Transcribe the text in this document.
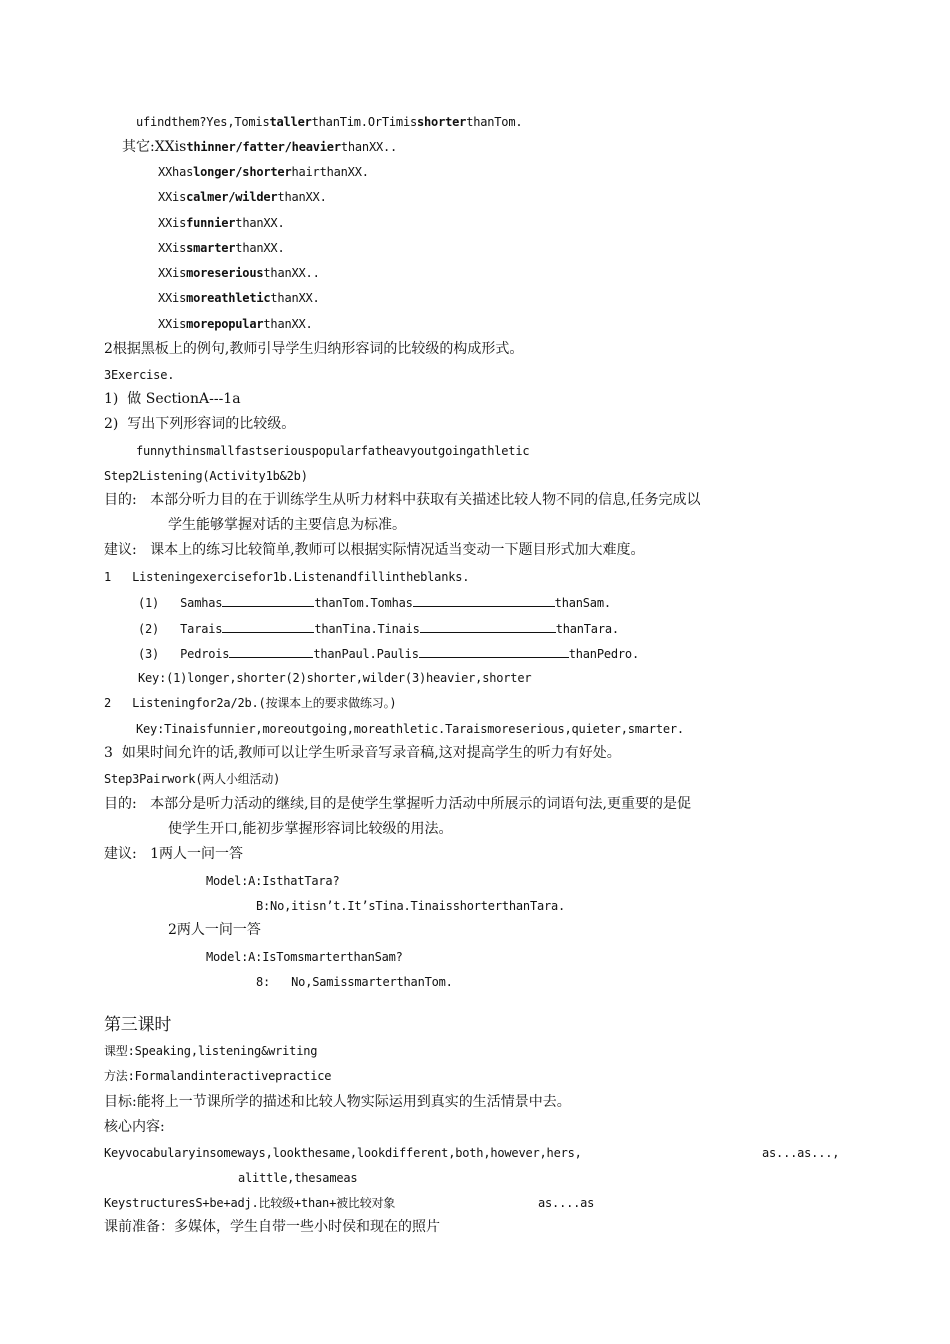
ufindthem?Yes,TomistallerthanTim.OrTimisshorterthanTom.
其它:XXisthinner/fatter/heavierthanXX..
XXhaslonger/shorterhairthanXX.
XXiscalmer/wilderthanXX.
XXisfunnierthanXX.
XXissmarterthanXX.
XXismoreseriousthanXX..
XXismoreathleticthanXX.
XXismorepopularthanXX.
2根据黑板上的例句,教师引导学生归纳形容词的比较级的构成形式。
3Exercise.
1) 做 SectionA---1a
2) 写出下列形容词的比较级。
funnythinsmallfastseriouspopularfatheavyoutgoingathletic
Step2Listening(Activity1b&2b)
目的: 本部分听力目的在于训练学生从听力材料中获取有关描述比较人物不同的信息,任务完成以
学生能够掌握对话的主要信息为标准。
建议: 课本上的练习比较简单,教师可以根据实际情况适当变动一下题目形式加大难度。
1 Listeningexercisefor1b.Listenandfillintheblanks.
(1) Samhas	thanTom.Tomhas	thanSam.
(2) Tarais	thanTina.Tinais	thanTara.
(3) Pedrois	thanPaul.Paulis	thanPedro.
Key:(1)longer,shorter(2)shorter,wilder(3)heavier,shorter
2 Listeningfor2a/2b.(按课本上的要求做练习。)
Key:Tinaisfunnier,moreoutgoing,moreathletic.Taraismoreserious,quieter,smarter.
3 如果时间允许的话,教师可以让学生听录音写录音稿,这对提高学生的听力有好处。
Step3Pairwork(两人小组活动)
目的: 本部分是听力活动的继续,目的是使学生掌握听力活动中所展示的词语句法,更重要的是促
使学生开口,能初步掌握形容词比较级的用法。
建议: 1两人一问一答
Model:A:IsthatTara?
B:No,itisn’t.It’sTina.TinaisshorterthanTara.
2两人一问一答
Model:A:IsTomsmarterthanSam?
8: No,SamissmarterthanTom.
第三课时
课型:Speaking,listening&writing
方法:Formalandinteractivepractice
目标:能将上一节课所学的描述和比较人物实际运用到真实的生活情景中去。
核心内容:
Keyvocabularyinsomeways,lookthesame,lookdifferent,both,however,hers,	as...as...,
alittle,thesameas
KeystructuresS+be+adj.比较级+than+被比较对象	as....as
课前准备：多媒体，学生自带一些小时侯和现在的照片
